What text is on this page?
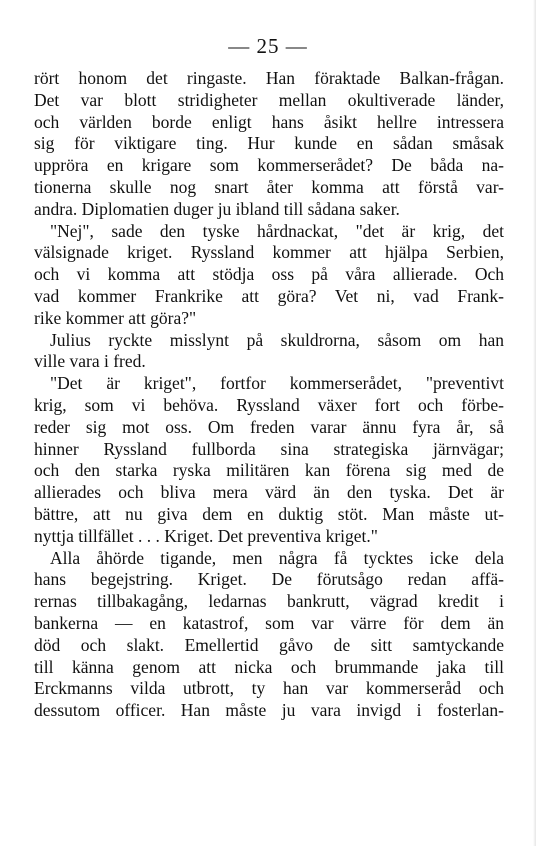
— 25 —
rört honom det ringaste. Han föraktade Balkan-frågan.
Det var blott stridigheter mellan okultiverade länder,
och världen borde enligt hans åsikt hellre intressera
sig för viktigare ting. Hur kunde en sådan småsak
uppröra en krigare som kommerserådet? De båda na-
tionerna skulle nog snart åter komma att förstå var-
andra. Diplomatien duger ju ibland till sådana saker.
"Nej", sade den tyske hårdnackat, "det är krig, det
välsignade kriget. Ryssland kommer att hjälpa Serbien,
och vi komma att stödja oss på våra allierade. Och
vad kommer Frankrike att göra? Vet ni, vad Frank-
rike kommer att göra?"
Julius ryckte misslynt på skuldrorna, såsom om han
ville vara i fred.
"Det är kriget", fortfor kommerserådet, "preventivt
krig, som vi behöva. Ryssland växer fort och förbe-
reder sig mot oss. Om freden varar ännu fyra år, så
hinner Ryssland fullborda sina strategiska järnvägar;
och den starka ryska militären kan förena sig med de
allierades och bliva mera värd än den tyska. Det är
bättre, att nu giva dem en duktig stöt. Man måste ut-
nyttja tillfället . . . Kriget. Det preventiva kriget."
Alla åhörde tigande, men några få tycktes icke dela
hans begejstring. Kriget. De förutsågo redan affä-
rernas tillbakagång, ledarnas bankrutt, vägrad kredit i
bankerna — en katastrof, som var värre för dem än
död och slakt. Emellertid gåvo de sitt samtyckande
till känna genom att nicka och brummande jaka till
Erckmanns vilda utbrott, ty han var kommerseråd och
dessutom officer. Han måste ju vara invigd i fosterlan-
